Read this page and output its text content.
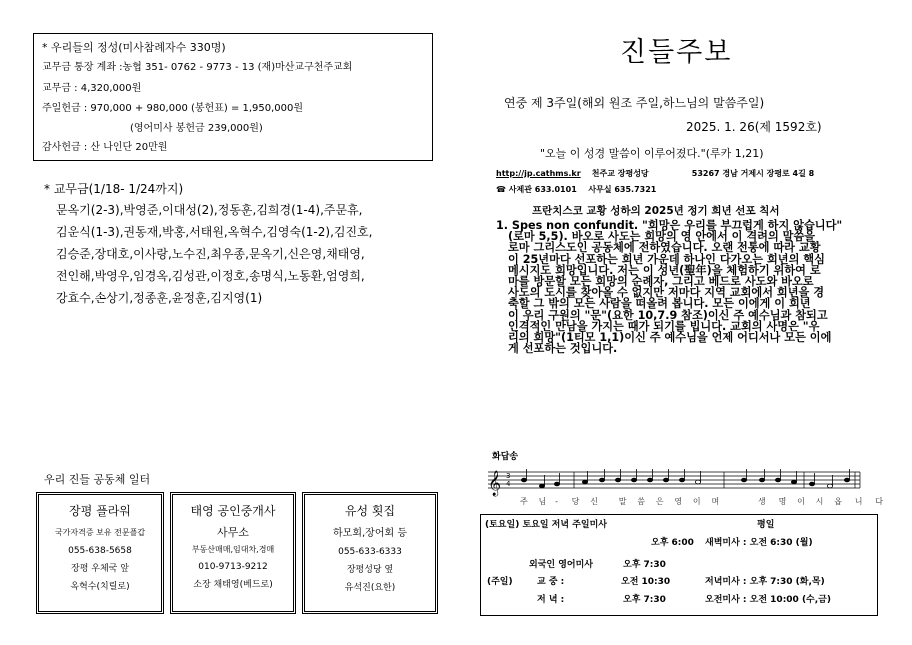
* 우리들의 정성(미사참례자수 330명)
교무금 통장 계좌 :농협 351- 0762 - 9773 - 13 (재)마산교구천주교회
교무금 : 4,320,000원
주일헌금 : 970,000 + 980,000 (봉헌표) = 1,950,000원
(영어미사 봉헌금 239,000원)
감사헌금 : 산 나인단 20만원
* 교무금(1/18- 1/24까지)
문옥기(2-3),박영준,이대성(2),정동훈,김희경(1-4),주문휴,
김운식(1-3),권동재,박홍,서태원,옥혁수,김영숙(1-2),김진호,
김승준,장대호,이사랑,노수진,최우종,문옥기,신은영,채태영,
전인해,박영우,임경옥,김성관,이정호,송명식,노동환,엄영희,
강효수,손상기,정종훈,윤정훈,김지영(1)
우리 진들 공동체 일터
장평 플라워
국가자격증 보유 전문플갑
055-638-5658
장평 우체국 앞
옥혁수(치릴로)
태영 공인중개사
사무소
부동산매매,임대차,경매
010-9713-9212
소장 채태영(베드로)
유성 횟집
하모회,장어회 등
055-633-6333
장평성당 옆
유석진(요한)
진들주보
연중 제 3주일(해외 원조 주일,하느님의 말씀주일)
2025. 1. 26(제 1592호)
"오늘 이 성경 말씀이 이루어졌다."(루카 1,21)
http://jp.cathms.kr 천주교 장평성당	53267 경남 거제시 장평로 4길 8
☎ 사제관 633.0101 사무실 635.7321
프란치스코 교황 성하의 2025년 정기 희년 선포 칙서
1. Spes non confundit. "희망은 우리를 부끄럽게 하지 않습니다"
(로마 5,5). 바오로 사도는 희망의 영 안에서 이 격려의 말씀을
로마 그리스도인 공동체에 전하였습니다. 오랜 전통에 따라 교황
이 25년마다 선포하는 희년 가운데 하나인 다가오는 희년의 핵심
메시지도 희망입니다. 저는 이 성년(聖年)을 체험하기 위하여 로
마를 방문할 모든 희망의 순례자, 그리고 베드로 사도와 바오로
사도의 도시를 찾아올 수 없지만 저마다 지역 교회에서 희년을 경
축할 그 밖의 모든 사람을 떠올려 봅니다. 모든 이에게 이 희년
이 우리 구원의 "문"(요한 10,7.9 참조)이신 주 예수님과 참되고
인격적인 만남을 가지는 때가 되기를 빕니다. 교회의 사명은 "우
리의 희망"(1티모 1,1)이신 주 예수님을 언제 어디서나 모든 이에
게 선포하는 것입니다.
화답송
𝄞 3
4
주 님 - 당 신	말 씀 은 영 이 며	생 명 이 시 옵 니 다
(토요일) 토요일 저녁 주일미사	평일
오후 6:00 새벽미사 : 오전 6:30 (월)
외국인 영어미사	오후 7:30
(주일)	교 중 :	오전 10:30	저녁미사 : 오후 7:30 (화,목)
저 녁 :	오후 7:30	오전미사 : 오전 10:00 (수,금)
